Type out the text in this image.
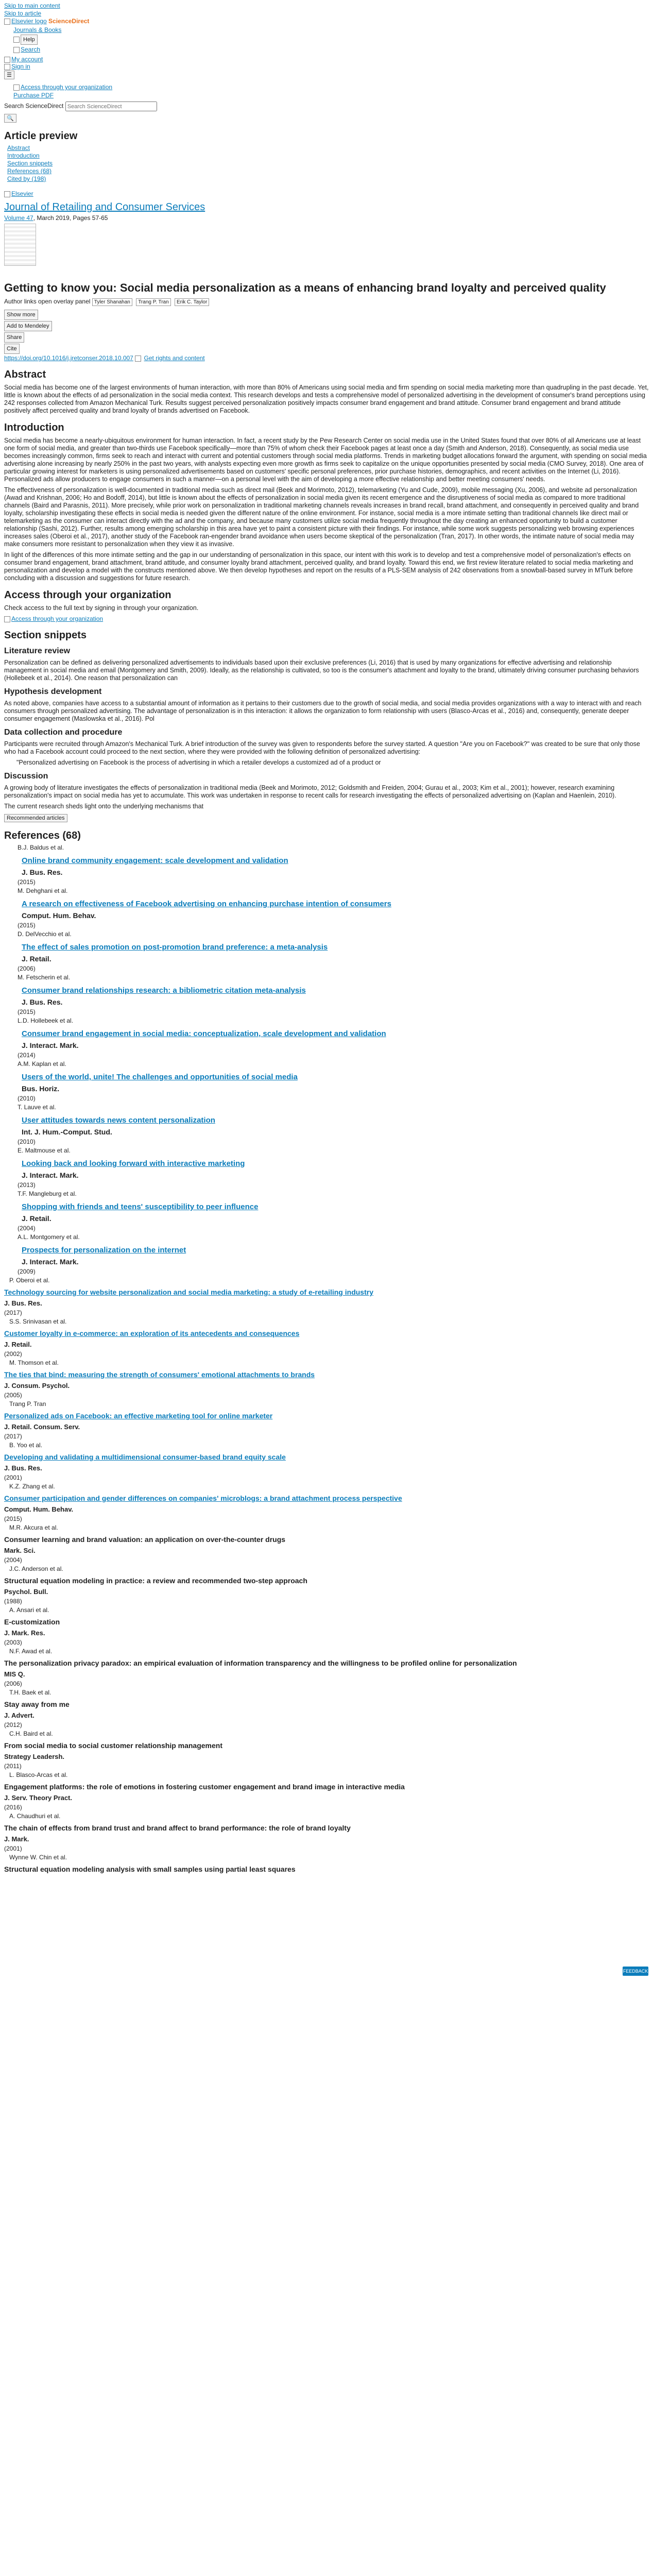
Skip to main content
Skip to article
Elsevier logo ScienceDirect
Journals & Books
Help
Search
My account
Sign in
☰
Access through your organization
Purchase PDF
Search ScienceDirect Search ScienceDirect
🔍
Article preview
Abstract
Introduction
Section snippets
References (68)
Cited by (198)
Elsevier
Journal of Retailing and Consumer Services
Volume 47, March 2019, Pages 57-65
Getting to know you: Social media personalization as a means of enhancing brand loyalty and perceived quality
Author links open overlay panel Tyler Shanahan Trang P. Tran Erik C. Taylor
Show more
Add to Mendeley
Share
Cite
https://doi.org/10.1016/j.jretconser.2018.10.007 Get rights and content
Abstract

Social media has become one of the largest environments of human interaction, with more than 80% of Americans using social media and firm spending on social media marketing more than quadrupling in the past decade. Yet, little is known about the effects of ad personalization in the social media context. This research develops and tests a comprehensive model of personalized advertising in the development of consumer's brand perceptions using 242 responses collected from Amazon Mechanical Turk. Results suggest perceived personalization positively impacts consumer brand engagement and brand attitude. Consumer brand engagement and brand attitude positively affect perceived quality and brand loyalty of brands advertised on Facebook.

Introduction

Social media has become a nearly-ubiquitous environment for human interaction. In fact, a recent study by the Pew Research Center on social media use in the United States found that over 80% of all Americans use at least one form of social media, and greater than two-thirds use Facebook specifically—more than 75% of whom check their Facebook pages at least once a day (Smith and Anderson, 2018). Consequently, as social media use becomes increasingly common, firms seek to reach and interact with current and potential customers through social media platforms. Trends in marketing budget allocations forward the argument, with spending on social media advertising alone increasing by nearly 250% in the past two years, with analysts expecting even more growth as firms seek to capitalize on the unique opportunities presented by social media (CMO Survey, 2018). One area of particular growing interest for marketers is using personalized advertisements based on customers' specific personal preferences, prior purchase histories, demographics, and recent activities on the Internet (Li, 2016). Personalized ads allow producers to engage consumers in such a manner—on a personal level with the aim of developing a more effective relationship and better meeting consumers' needs.

The effectiveness of personalization is well-documented in traditional media such as direct mail (Beek and Morimoto, 2012), telemarketing (Yu and Cude, 2009), mobile messaging (Xu, 2006), and website ad personalization (Awad and Krishnan, 2006; Ho and Bodoff, 2014), but little is known about the effects of personalization in social media given its recent emergence and the disruptiveness of social media as compared to more traditional channels (Baird and Parasnis, 2011). More precisely, while prior work on personalization in traditional marketing channels reveals increases in brand recall, brand attachment, and consequently in perceived quality and brand loyalty, scholarship investigating these effects in social media is needed given the different nature of the online environment. For instance, social media is a more intimate setting than traditional channels like direct mail or telemarketing as the consumer can interact directly with the ad and the company, and because many customers utilize social media frequently throughout the day creating an enhanced opportunity to build a customer relationship (Sashi, 2012). Further, results among emerging scholarship in this area have yet to paint a consistent picture with their findings. For instance, while some work suggests personalizing web browsing experiences increases sales (Oberoi et al., 2017), another study of the Facebook ran-engender brand avoidance when users become skeptical of the personalization (Tran, 2017). In other words, the intimate nature of social media may make consumers more resistant to personalization when they view it as invasive.

In light of the differences of this more intimate setting and the gap in our understanding of personalization in this space, our intent with this work is to develop and test a comprehensive model of personalization's effects on consumer brand engagement, brand attachment, brand attitude, and consumer loyalty brand attachment, perceived quality, and brand loyalty. Toward this end, we first review literature related to social media marketing and personalization and develop a model with the constructs mentioned above. We then develop hypotheses and report on the results of a PLS-SEM analysis of 242 observations from a snowball-based survey in MTurk before concluding with a discussion and suggestions for future research.

Access through your organization

Check access to the full text by signing in through your organization.

Access through your organization
Section snippets
Literature review

Personalization can be defined as delivering personalized advertisements to individuals based upon their exclusive preferences (Li, 2016) that is used by many organizations for effective advertising and relationship management in social media and email (Montgomery and Smith, 2009). Ideally, as the relationship is cultivated, so too is the consumer's attachment and loyalty to the brand, ultimately driving consumer purchasing behaviors (Hollebeek et al., 2014). One reason that personalization can

Hypothesis development

As noted above, companies have access to a substantial amount of information as it pertains to their customers due to the growth of social media, and social media provides organizations with a way to interact with and reach consumers through personalized advertising. The advantage of personalization is in this interaction: it allows the organization to form relationship with users (Blasco-Arcas et al., 2016) and, consequently, generate deeper consumer engagement (Maslowska et al., 2016). Pol

Data collection and procedure

Participants were recruited through Amazon's Mechanical Turk. A brief introduction of the survey was given to respondents before the survey started. A question "Are you on Facebook?" was created to be sure that only those who had a Facebook account could proceed to the next section, where they were provided with the following definition of personalized advertising:

"Personalized advertising on Facebook is the process of advertising in which a retailer develops a customized ad of a product or

Discussion

A growing body of literature investigates the effects of personalization in traditional media (Beek and Morimoto, 2012; Goldsmith and Freiden, 2004; Gurau et al., 2003; Kim et al., 2001); however, research examining personalization's impact on social media has yet to accumulate. This work was undertaken in response to recent calls for research investigating the effects of personalized advertising on (Kaplan and Haenlein, 2010).

The current research sheds light onto the underlying mechanisms that

Recommended articles
References (68)
B.J. Baldus et al.
Online brand community engagement: scale development and validation
J. Bus. Res.
(2015)
M. Dehghani et al.
A research on effectiveness of Facebook advertising on enhancing purchase intention of consumers
Comput. Hum. Behav.
(2015)
D. DelVecchio et al.
The effect of sales promotion on post-promotion brand preference: a meta-analysis
J. Retail.
(2006)
M. Fetscherin et al.
Consumer brand relationships research: a bibliometric citation meta-analysis
J. Bus. Res.
(2015)
L.D. Hollebeek et al.
Consumer brand engagement in social media: conceptualization, scale development and validation
J. Interact. Mark.
(2014)
A.M. Kaplan et al.
Users of the world, unite! The challenges and opportunities of social media
Bus. Horiz.
(2010)
T. Lauve et al.
User attitudes towards news content personalization
Int. J. Hum.-Comput. Stud.
(2010)
E. Maltmouse et al.
Looking back and looking forward with interactive marketing
J. Interact. Mark.
(2013)
T.F. Mangleburg et al.
Shopping with friends and teens' susceptibility to peer influence
J. Retail.
(2004)
A.L. Montgomery et al.
Prospects for personalization on the internet
J. Interact. Mark.
(2009)
P. Oberoi et al.
Technology sourcing for website personalization and social media marketing: a study of e-retailing industry
J. Bus. Res.
(2017)
S.S. Srinivasan et al.
Customer loyalty in e-commerce: an exploration of its antecedents and consequences
J. Retail.
(2002)
M. Thomson et al.
The ties that bind: measuring the strength of consumers' emotional attachments to brands
J. Consum. Psychol.
(2005)
Trang P. Tran
Personalized ads on Facebook: an effective marketing tool for online marketer
J. Retail. Consum. Serv.
(2017)
B. Yoo et al.
Developing and validating a multidimensional consumer-based brand equity scale
J. Bus. Res.
(2001)
K.Z. Zhang et al.
Consumer participation and gender differences on companies' microblogs: a brand attachment process perspective
Comput. Hum. Behav.
(2015)
M.R. Akcura et al.
Consumer learning and brand valuation: an application on over-the-counter drugs
Mark. Sci.
(2004)
J.C. Anderson et al.
Structural equation modeling in practice: a review and recommended two-step approach
Psychol. Bull.
(1988)
A. Ansari et al.
E-customization
J. Mark. Res.
(2003)
N.F. Awad et al.
The personalization privacy paradox: an empirical evaluation of information transparency and the willingness to be profiled online for personalization
MIS Q.
(2006)
T.H. Baek et al.
Stay away from me
J. Advert.
(2012)
C.H. Baird et al.
From social media to social customer relationship management
Strategy Leadersh.
(2011)
L. Blasco-Arcas et al.
Engagement platforms: the role of emotions in fostering customer engagement and brand image in interactive media
J. Serv. Theory Pract.
(2016)
A. Chaudhuri et al.
The chain of effects from brand trust and brand affect to brand performance: the role of brand loyalty
J. Mark.
(2001)
Wynne W. Chin et al.
Structural equation modeling analysis with small samples using partial least squares
FEEDBACK
